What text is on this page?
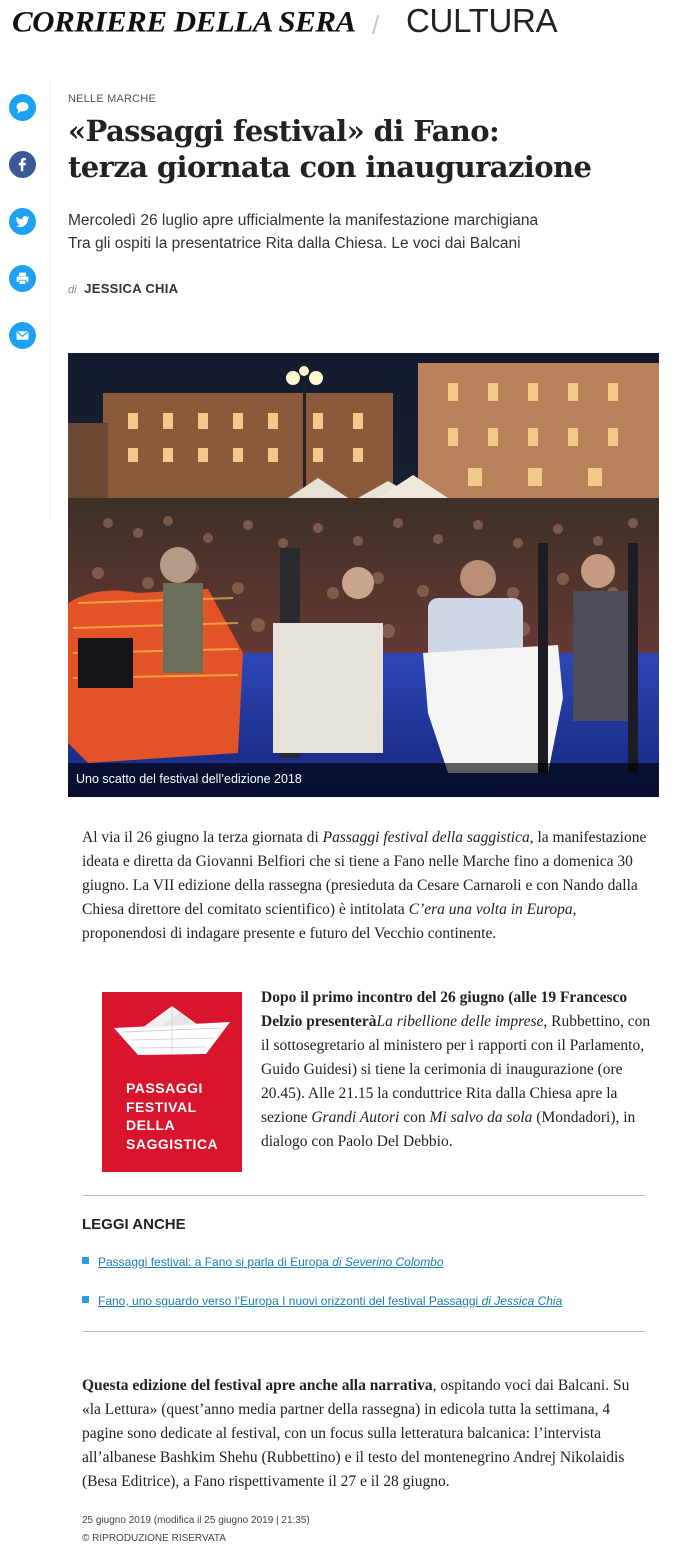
CORRIERE DELLA SERA / CULTURA
NELLE MARCHE
«Passaggi festival» di Fano:
terza giornata con inaugurazione
Mercoledì 26 luglio apre ufficialmente la manifestazione marchigiana
Tra gli ospiti la presentatrice Rita dalla Chiesa. Le voci dai Balcani
di JESSICA CHIA
Uno scatto del festival dell’edizione 2018
Al via il 26 giugno la terza giornata di Passaggi festival della saggistica, la manifestazione ideata e diretta da Giovanni Belfiori che si tiene a Fano nelle Marche fino a domenica 30 giugno. La VII edizione della rassegna (presieduta da Cesare Carnaroli e con Nando dalla Chiesa direttore del comitato scientifico) è intitolata C’era una volta in Europa, proponendosi di indagare presente e futuro del Vecchio continente.
PASSAGGI
FESTIVAL
DELLA
SAGGISTICA
Dopo il primo incontro del 26 giugno (alle 19 Francesco Delzio presenteràLa ribellione delle imprese, Rubbettino, con il sottosegretario al ministero per i rapporti con il Parlamento, Guido Guidesi) si tiene la cerimonia di inaugurazione (ore 20.45). Alle 21.15 la conduttrice Rita dalla Chiesa apre la sezione Grandi Autori con Mi salvo da sola (Mondadori), in dialogo con Paolo Del Debbio.
LEGGI ANCHE
Passaggi festival: a Fano si parla di Europa di Severino Colombo
Fano, uno sguardo verso l’Europa I nuovi orizzonti del festival Passaggi di Jessica Chia
Questa edizione del festival apre anche alla narrativa, ospitando voci dai Balcani. Su «la Lettura» (quest’anno media partner della rassegna) in edicola tutta la settimana, 4 pagine sono dedicate al festival, con un focus sulla letteratura balcanica: l’intervista all’albanese Bashkim Shehu (Rubbettino) e il testo del montenegrino Andrej Nikolaidis (Besa Editrice), a Fano rispettivamente il 27 e il 28 giugno.
25 giugno 2019 (modifica il 25 giugno 2019 | 21:35)
© RIPRODUZIONE RISERVATA
